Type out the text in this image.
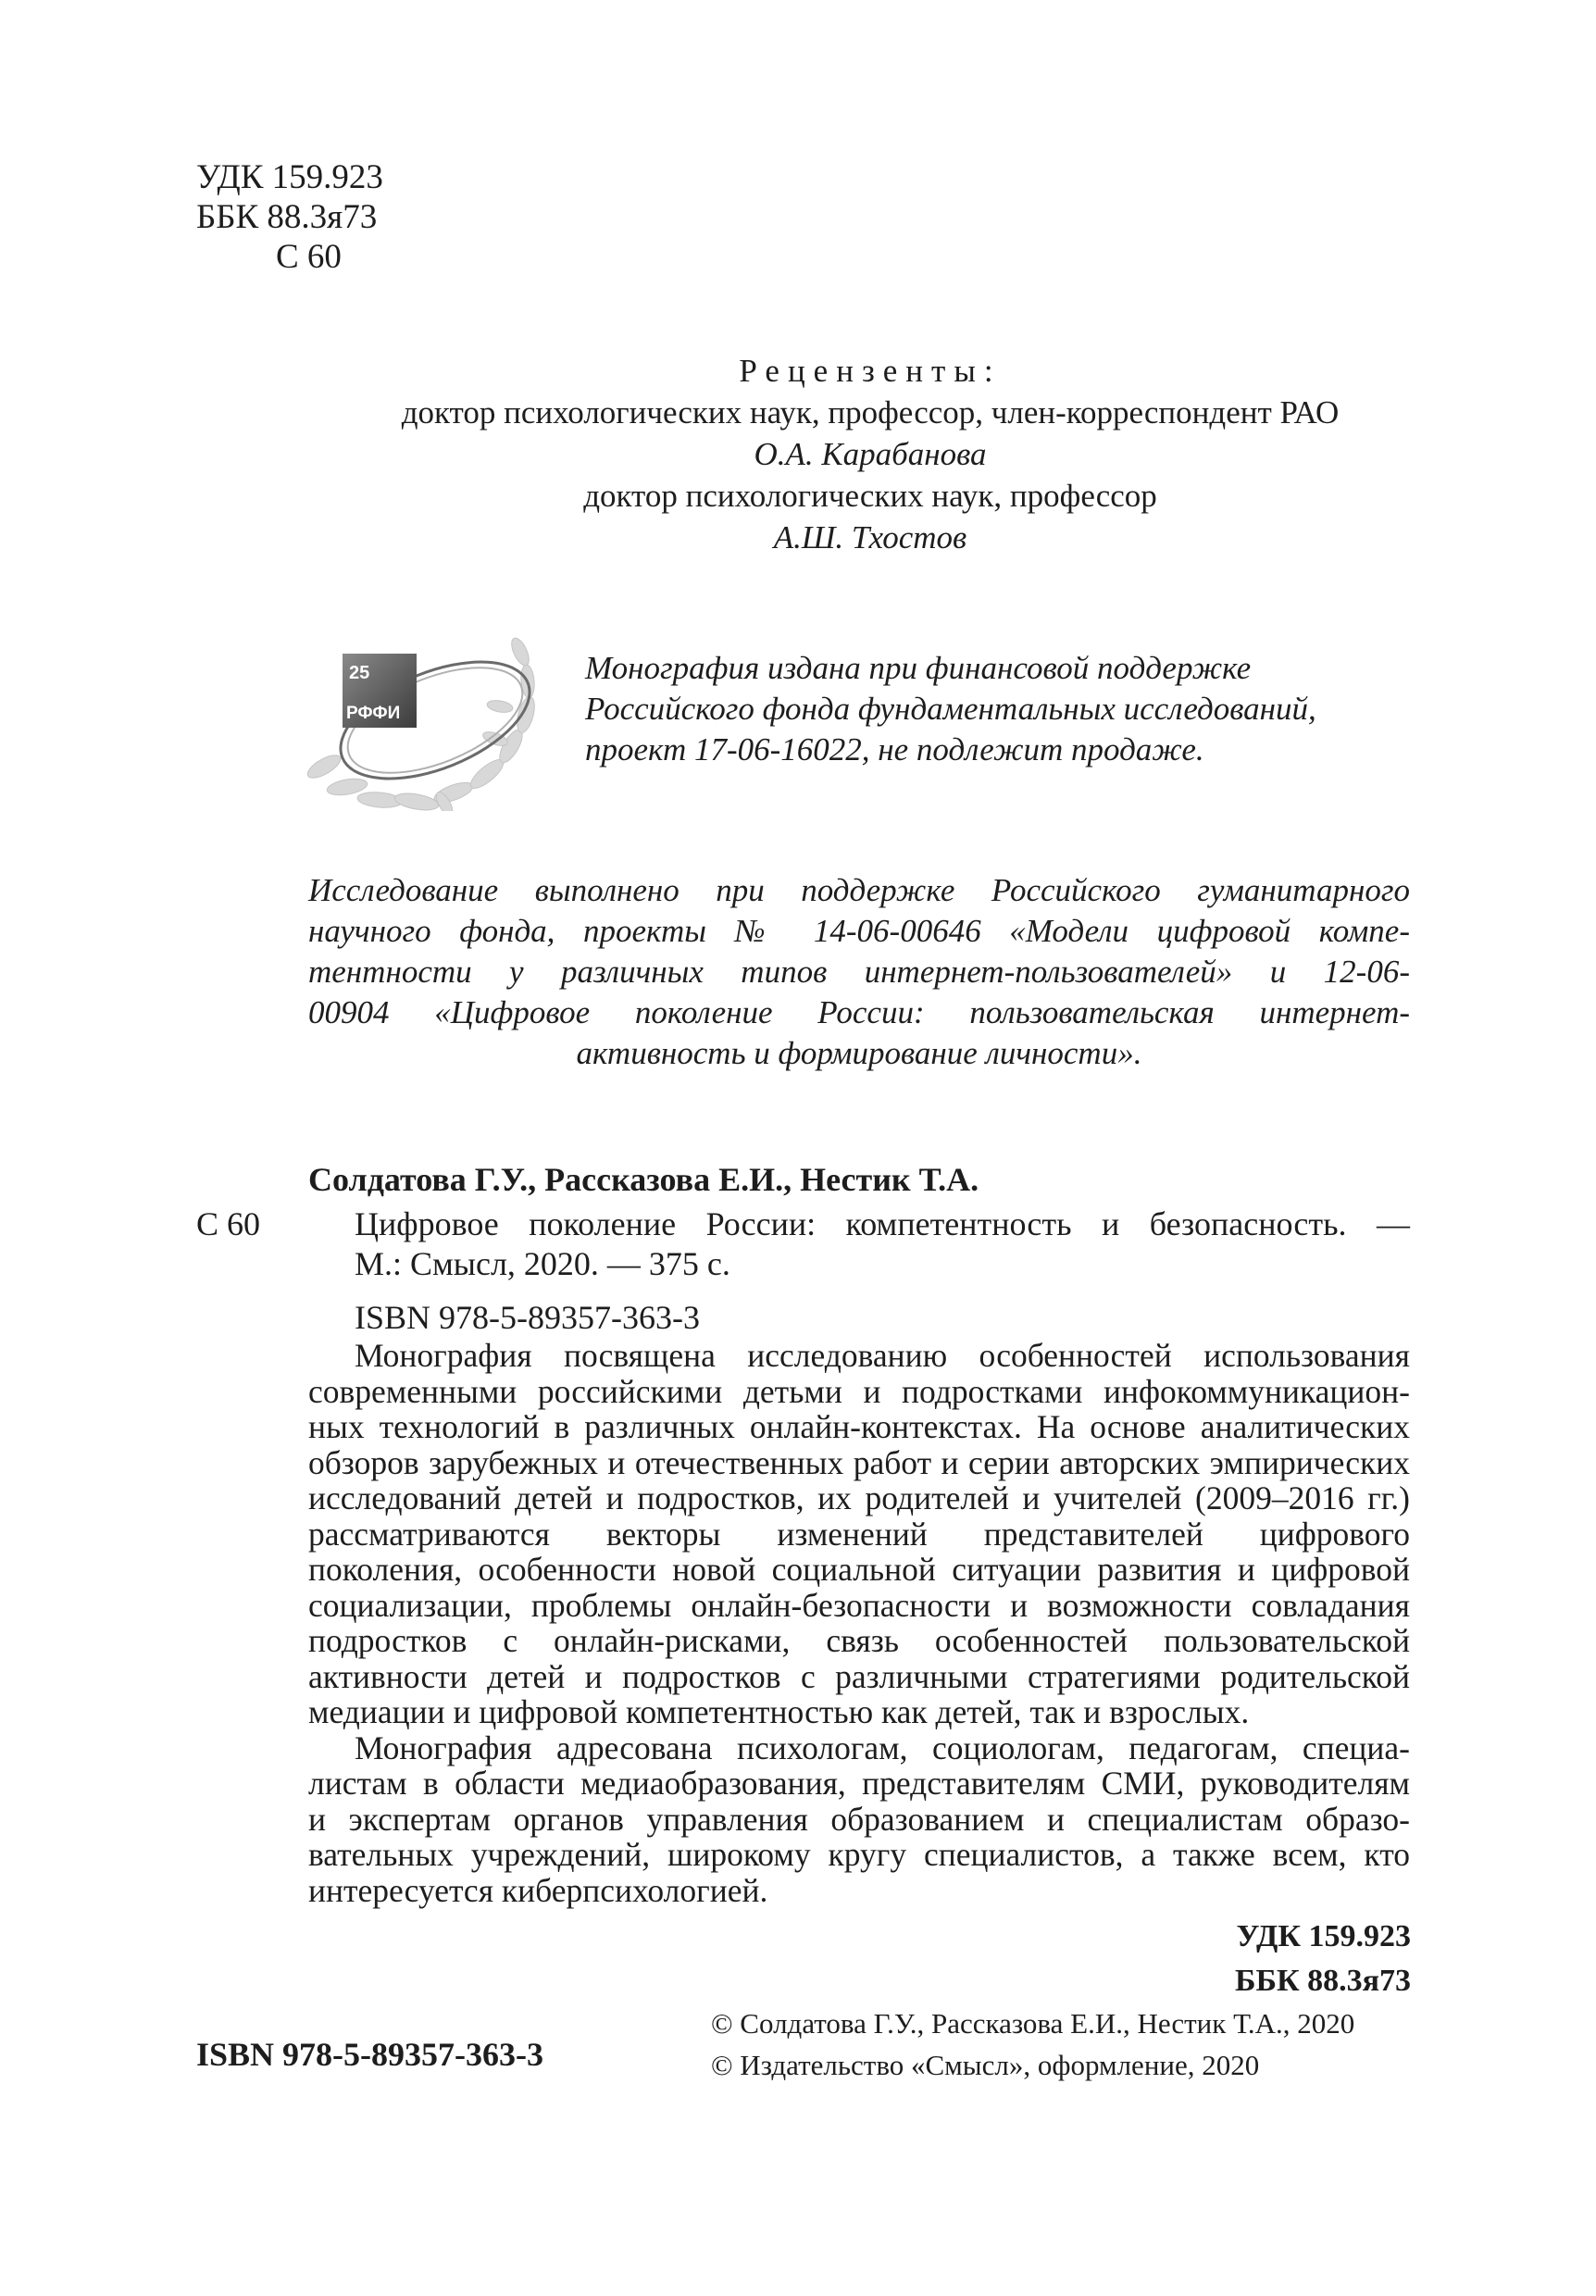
УДК 159.923
ББК 88.3я73
С 60
Рецензенты:
доктор психологических наук, профессор, член-корреспондент РАО
О.А. Карабанова
доктор психологических наук, профессор
А.Ш. Тхостов
25
РФФИ
Монография издана при финансовой поддержке
Российского фонда фундаментальных исследований,
проект 17-06-16022, не подлежит продаже.
Исследование выполнено при поддержке Российского гуманитарного
научного фонда, проекты № 14-06-00646 «Модели цифровой компе-
тентности у различных типов интернет-пользователей» и 12-06-
00904 «Цифровое поколение России: пользовательская интернет-
активность и формирование личности».
Солдатова Г.У., Рассказова Е.И., Нестик Т.А.
С 60	Цифровое поколение России: компетентность и безопасность. —
М.: Смысл, 2020. — 375 с.
ISBN 978-5-89357-363-3

Монография посвящена исследованию особенностей использования
современными российскими детьми и подростками инфокоммуникацион-
ных технологий в различных онлайн-контекстах. На основе аналитических
обзоров зарубежных и отечественных работ и серии авторских эмпирических
исследований детей и подростков, их родителей и учителей (2009–2016 гг.)
рассматриваются векторы изменений представителей цифрового
поколения, особенности новой социальной ситуации развития и цифровой
социализации, проблемы онлайн-безопасности и возможности совладания
подростков с онлайн-рисками, связь особенностей пользовательской
активности детей и подростков с различными стратегиями родительской
медиации и цифровой компетентностью как детей, так и взрослых.

Монография адресована психологам, социологам, педагогам, специа-
листам в области медиаобразования, представителям СМИ, руководителям
и экспертам органов управления образованием и специалистам образо-
вательных учреждений, широкому кругу специалистов, а также всем, кто
интересуется киберпсихологией.

УДК 159.923
ББК 88.3я73
ISBN 978-5-89357-363-3
© Солдатова Г.У., Рассказова Е.И., Нестик Т.А., 2020
© Издательство «Смысл», оформление, 2020
